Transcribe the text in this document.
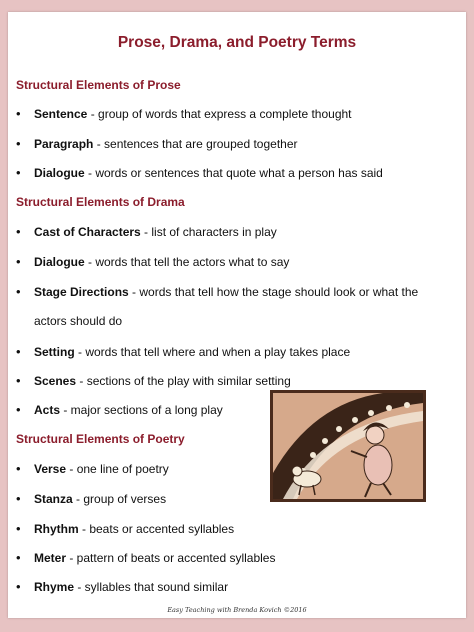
Prose, Drama, and Poetry Terms
Structural Elements of Prose
• Sentence - group of words that express a complete thought
• Paragraph - sentences that are grouped together
• Dialogue - words or sentences that quote what a person has said
Structural Elements of Drama
• Cast of Characters - list of characters in play
• Dialogue - words that tell the actors what to say
• Stage Directions - words that tell how the stage should look or what the
actors should do
• Setting - words that tell where and when a play takes place
• Scenes - sections of the play with similar setting
• Acts - major sections of a long play
Structural Elements of Poetry
• Verse - one line of poetry
• Stanza - group of verses
• Rhythm - beats or accented syllables
• Meter - pattern of beats or accented syllables
• Rhyme - syllables that sound similar
Easy Teaching with Brenda Kovich ©2016
